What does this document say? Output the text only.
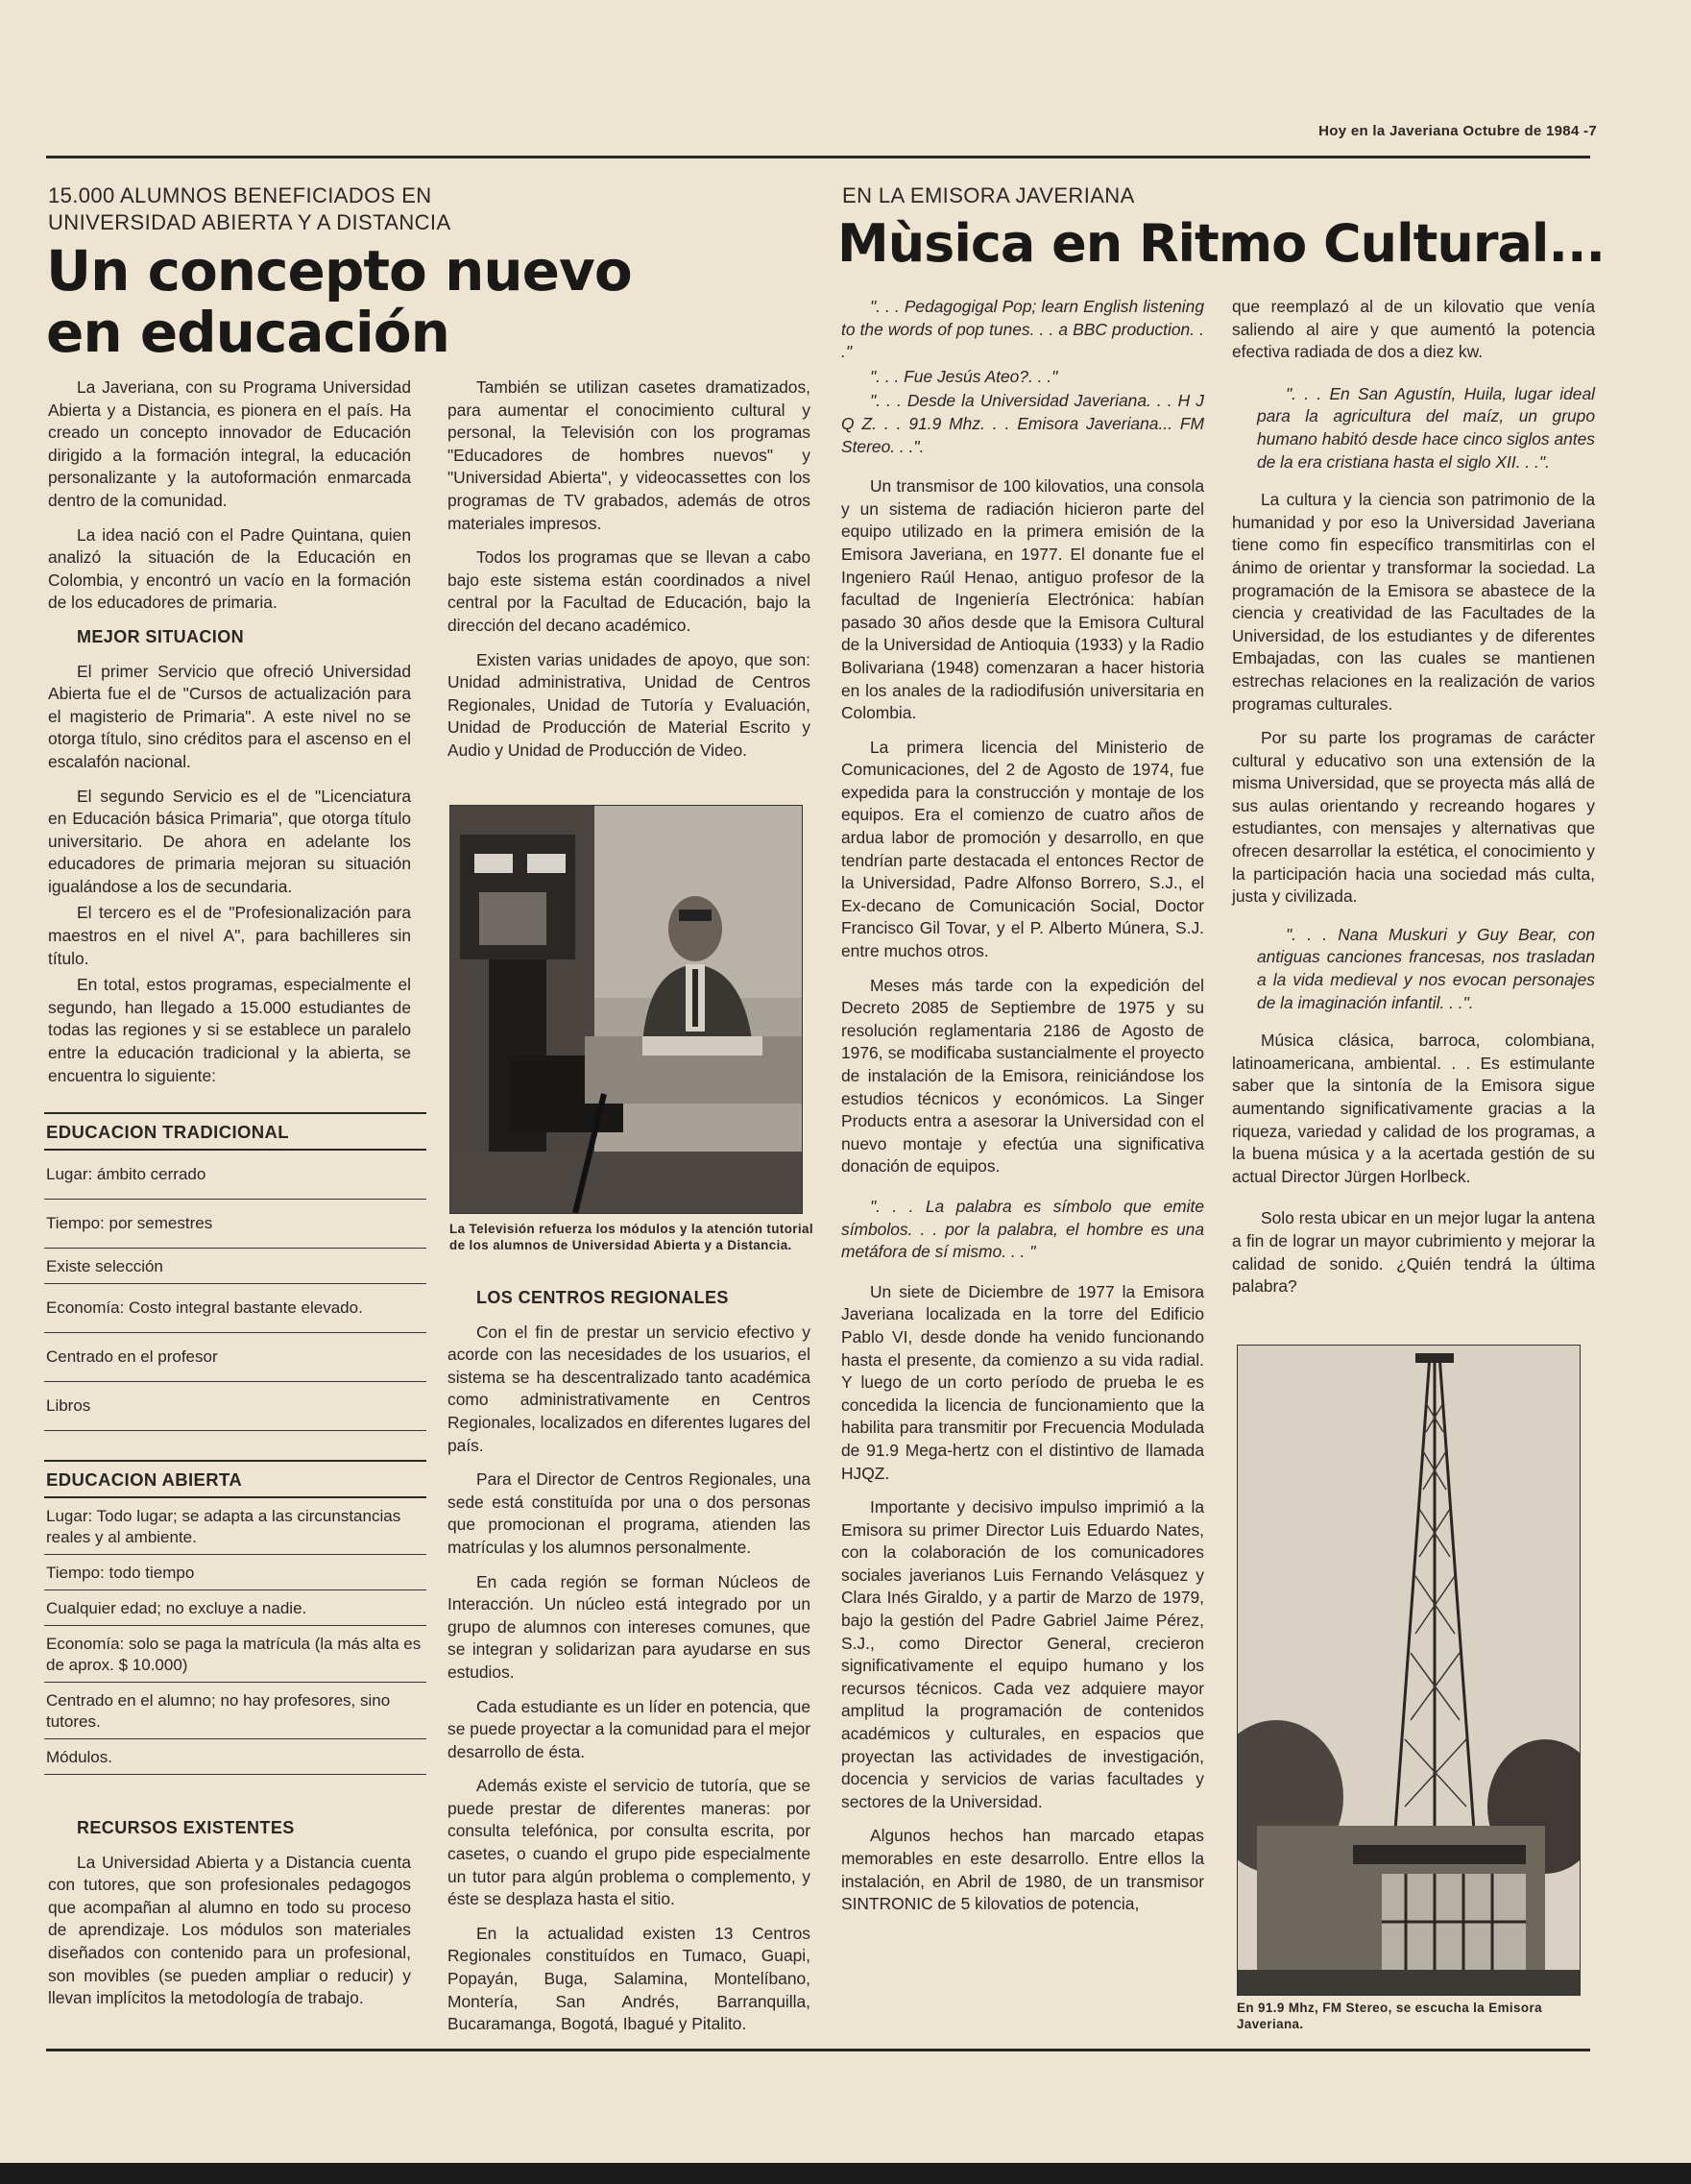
Hoy en la Javeriana Octubre de 1984 -7
15.000 ALUMNOS BENEFICIADOS EN
UNIVERSIDAD ABIERTA Y A DISTANCIA
Un concepto nuevo
en educación

La Javeriana, con su Programa Universidad Abierta y a Distancia, es pionera en el país. Ha creado un concepto innovador de Educación dirigido a la formación integral, la educación personalizante y la autoformación enmarcada dentro de la comunidad.

La idea nació con el Padre Quintana, quien analizó la situación de la Educación en Colombia, y encontró un vacío en la formación de los educadores de primaria.

MEJOR SITUACION

El primer Servicio que ofreció Universidad Abierta fue el de "Cursos de actualización para el magisterio de Primaria". A este nivel no se otorga título, sino créditos para el ascenso en el escalafón nacional.

El segundo Servicio es el de "Licenciatura en Educación básica Primaria", que otorga título universitario. De ahora en adelante los educadores de primaria mejoran su situación igualándose a los de secundaria.

El tercero es el de "Profesionalización para maestros en el nivel A", para bachilleres sin título.

En total, estos programas, especialmente el segundo, han llegado a 15.000 estudiantes de todas las regiones y si se establece un paralelo entre la educación tradicional y la abierta, se encuentra lo siguiente:

EDUCACION TRADICIONAL
Lugar: ámbito cerrado
Tiempo: por semestres
Existe selección
Economía: Costo integral bastante elevado.
Centrado en el profesor
Libros
EDUCACION ABIERTA
Lugar: Todo lugar; se adapta a las circunstancias reales y al ambiente.
Tiempo: todo tiempo
Cualquier edad; no excluye a nadie.
Economía: solo se paga la matrícula (la más alta es de aprox. $ 10.000)
Centrado en el alumno; no hay profesores, sino tutores.
Módulos.

RECURSOS EXISTENTES

La Universidad Abierta y a Distancia cuenta con tutores, que son profesionales pedagogos que acompañan al alumno en todo su proceso de aprendizaje. Los módulos son materiales diseñados con contenido para un profesional, son movibles (se pueden ampliar o reducir) y llevan implícitos la metodología de trabajo.

También se utilizan casetes dramatizados, para aumentar el conocimiento cultural y personal, la Televisión con los programas "Educadores de hombres nuevos" y "Universidad Abierta", y videocassettes con los programas de TV grabados, además de otros materiales impresos.

Todos los programas que se llevan a cabo bajo este sistema están coordinados a nivel central por la Facultad de Educación, bajo la dirección del decano académico.

Existen varias unidades de apoyo, que son: Unidad administrativa, Unidad de Centros Regionales, Unidad de Tutoría y Evaluación, Unidad de Producción de Material Escrito y Audio y Unidad de Producción de Video.

La Televisión refuerza los módulos y la atención tutorial de los alumnos de Universidad Abierta y a Distancia.

LOS CENTROS REGIONALES

Con el fin de prestar un servicio efectivo y acorde con las necesidades de los usuarios, el sistema se ha descentralizado tanto académica como administrativamente en Centros Regionales, localizados en diferentes lugares del país.

Para el Director de Centros Regionales, una sede está constituída por una o dos personas que promocionan el programa, atienden las matrículas y los alumnos personalmente.

En cada región se forman Núcleos de Interacción. Un núcleo está integrado por un grupo de alumnos con intereses comunes, que se integran y solidarizan para ayudarse en sus estudios.

Cada estudiante es un líder en potencia, que se puede proyectar a la comunidad para el mejor desarrollo de ésta.

Además existe el servicio de tutoría, que se puede prestar de diferentes maneras: por consulta telefónica, por consulta escrita, por casetes, o cuando el grupo pide especialmente un tutor para algún problema o complemento, y éste se desplaza hasta el sitio.

En la actualidad existen 13 Centros Regionales constituídos en Tumaco, Guapi, Popayán, Buga, Salamina, Montelíbano, Montería, San Andrés, Barranquilla, Bucaramanga, Bogotá, Ibagué y Pitalito.

EN LA EMISORA JAVERIANA
Mùsica en Ritmo Cultural...

". . . Pedagogigal Pop; learn English listening to the words of pop tunes. . . a BBC production. . ."

". . . Fue Jesús Ateo?. . ."

". . . Desde la Universidad Javeriana. . . H J Q Z. . . 91.9 Mhz. . . Emisora Javeriana... FM Stereo. . .".

Un transmisor de 100 kilovatios, una consola y un sistema de radiación hicieron parte del equipo utilizado en la primera emisión de la Emisora Javeriana, en 1977. El donante fue el Ingeniero Raúl Henao, antiguo profesor de la facultad de Ingeniería Electrónica: habían pasado 30 años desde que la Emisora Cultural de la Universidad de Antioquia (1933) y la Radio Bolivariana (1948) comenzaran a hacer historia en los anales de la radiodifusión universitaria en Colombia.

La primera licencia del Ministerio de Comunicaciones, del 2 de Agosto de 1974, fue expedida para la construcción y montaje de los equipos. Era el comienzo de cuatro años de ardua labor de promoción y desarrollo, en que tendrían parte destacada el entonces Rector de la Universidad, Padre Alfonso Borrero, S.J., el Ex-decano de Comunicación Social, Doctor Francisco Gil Tovar, y el P. Alberto Múnera, S.J. entre muchos otros.

Meses más tarde con la expedición del Decreto 2085 de Septiembre de 1975 y su resolución reglamentaria 2186 de Agosto de 1976, se modificaba sustancialmente el proyecto de instalación de la Emisora, reiniciándose los estudios técnicos y económicos. La Singer Products entra a asesorar la Universidad con el nuevo montaje y efectúa una significativa donación de equipos.

". . . La palabra es símbolo que emite símbolos. . . por la palabra, el hombre es una metáfora de sí mismo. . . "

Un siete de Diciembre de 1977 la Emisora Javeriana localizada en la torre del Edificio Pablo VI, desde donde ha venido funcionando hasta el presente, da comienzo a su vida radial. Y luego de un corto período de prueba le es concedida la licencia de funcionamiento que la habilita para transmitir por Frecuencia Modulada de 91.9 Mega-hertz con el distintivo de llamada HJQZ.

Importante y decisivo impulso imprimió a la Emisora su primer Director Luis Eduardo Nates, con la colaboración de los comunicadores sociales javerianos Luis Fernando Velásquez y Clara Inés Giraldo, y a partir de Marzo de 1979, bajo la gestión del Padre Gabriel Jaime Pérez, S.J., como Director General, crecieron significativamente el equipo humano y los recursos técnicos. Cada vez adquiere mayor amplitud la programación de contenidos académicos y culturales, en espacios que proyectan las actividades de investigación, docencia y servicios de varias facultades y sectores de la Universidad.

Algunos hechos han marcado etapas memorables en este desarrollo. Entre ellos la instalación, en Abril de 1980, de un transmisor SINTRONIC de 5 kilovatios de potencia,

que reemplazó al de un kilovatio que venía saliendo al aire y que aumentó la potencia efectiva radiada de dos a diez kw.

". . . En San Agustín, Huila, lugar ideal para la agricultura del maíz, un grupo humano habitó desde hace cinco siglos antes de la era cristiana hasta el siglo XII. . .".

La cultura y la ciencia son patrimonio de la humanidad y por eso la Universidad Javeriana tiene como fin específico transmitirlas con el ánimo de orientar y transformar la sociedad. La programación de la Emisora se abastece de la ciencia y creatividad de las Facultades de la Universidad, de los estudiantes y de diferentes Embajadas, con las cuales se mantienen estrechas relaciones en la realización de varios programas culturales.

Por su parte los programas de carácter cultural y educativo son una extensión de la misma Universidad, que se proyecta más allá de sus aulas orientando y recreando hogares y estudiantes, con mensajes y alternativas que ofrecen desarrollar la estética, el conocimiento y la participación hacia una sociedad más culta, justa y civilizada.

". . . Nana Muskuri y Guy Bear, con antiguas canciones francesas, nos trasladan a la vida medieval y nos evocan personajes de la imaginación infantil. . .".

Música clásica, barroca, colombiana, latinoamericana, ambiental. . . Es estimulante saber que la sintonía de la Emisora sigue aumentando significativamente gracias a la riqueza, variedad y calidad de los programas, a la buena música y a la acertada gestión de su actual Director Jürgen Horlbeck.

Solo resta ubicar en un mejor lugar la antena a fin de lograr un mayor cubrimiento y mejorar la calidad de sonido. ¿Quién tendrá la última palabra?

En 91.9 Mhz, FM Stereo, se escucha la Emisora Javeriana.
